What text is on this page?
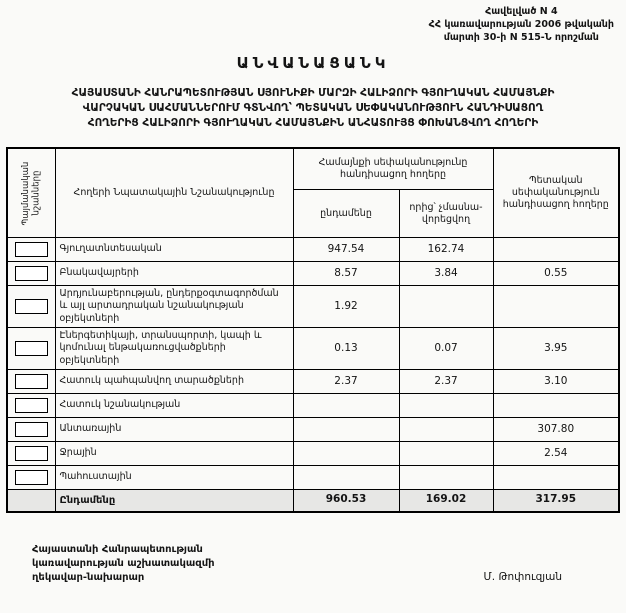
Հավելված N 4
ՀՀ կառավարության 2006 թվականի
մարտի 30-ի N 515-Ն որոշման
ԱՆՎԱՆԱՑԱՆԿ
ՀԱՅԱՍՏԱՆԻ ՀԱՆՐԱՊԵՏՈՒԹՅԱՆ ՍՅՈՒՆԻՔԻ ՄԱՐԶԻ ՀԱԼԻՁՈՐԻ ԳՅՈՒՂԱԿԱՆ ՀԱՄԱՅՆՔԻ
ՎԱՐՉԱԿԱՆ ՍԱՀՄԱՆՆԵՐՈՒՄ ԳՏՆՎՈՂ՝ ՊԵՏԱԿԱՆ ՍԵՓԱԿԱՆՈՒԹՅՈՒՆ ՀԱՆԴԻՍԱՑՈՂ
ՀՈՂԵՐԻՑ ՀԱԼԻՁՈՐԻ ԳՅՈՒՂԱԿԱՆ ՀԱՄԱՅՆՔԻՆ ԱՆՀԱՏՈՒՅՑ ՓՈԽԱՆՑՎՈՂ ՀՈՂԵՐԻ
Պայմանական նշանները	Հողերի Նպատակային Նշանակությունը	Համայնքի սեփականությունը հանդիսացող հողերը		Պետական սեփականություն հանդիսացող հողերը
		ընդամենը	որից՝ չմասնա-վորեցվող	

	Գյուղատնտեսական	947.54	162.74	

	Բնակավայրերի	8.57	3.84	0.55

	Արդյունաբերության, ընդերքօգտագործման և այլ արտադրական նշանակության օբյեկտների	1.92		

	Էներգետիկայի, տրանսպորտի, կապի և կոմունալ ենթակառուցվածքների օբյեկտների	0.13	0.07	3.95

	Հատուկ պահպանվող տարածքների	2.37	2.37	3.10

	Հատուկ նշանակության			

	Անտառային			307.80

	Ջրային			2.54

	Պահուստային			
	Ընդամենը	960.53	169.02	317.95
Հայաստանի Հանրապետության
կառավարության աշխատակազմի
ղեկավար-նախարար	Մ. Թոփուզյան
